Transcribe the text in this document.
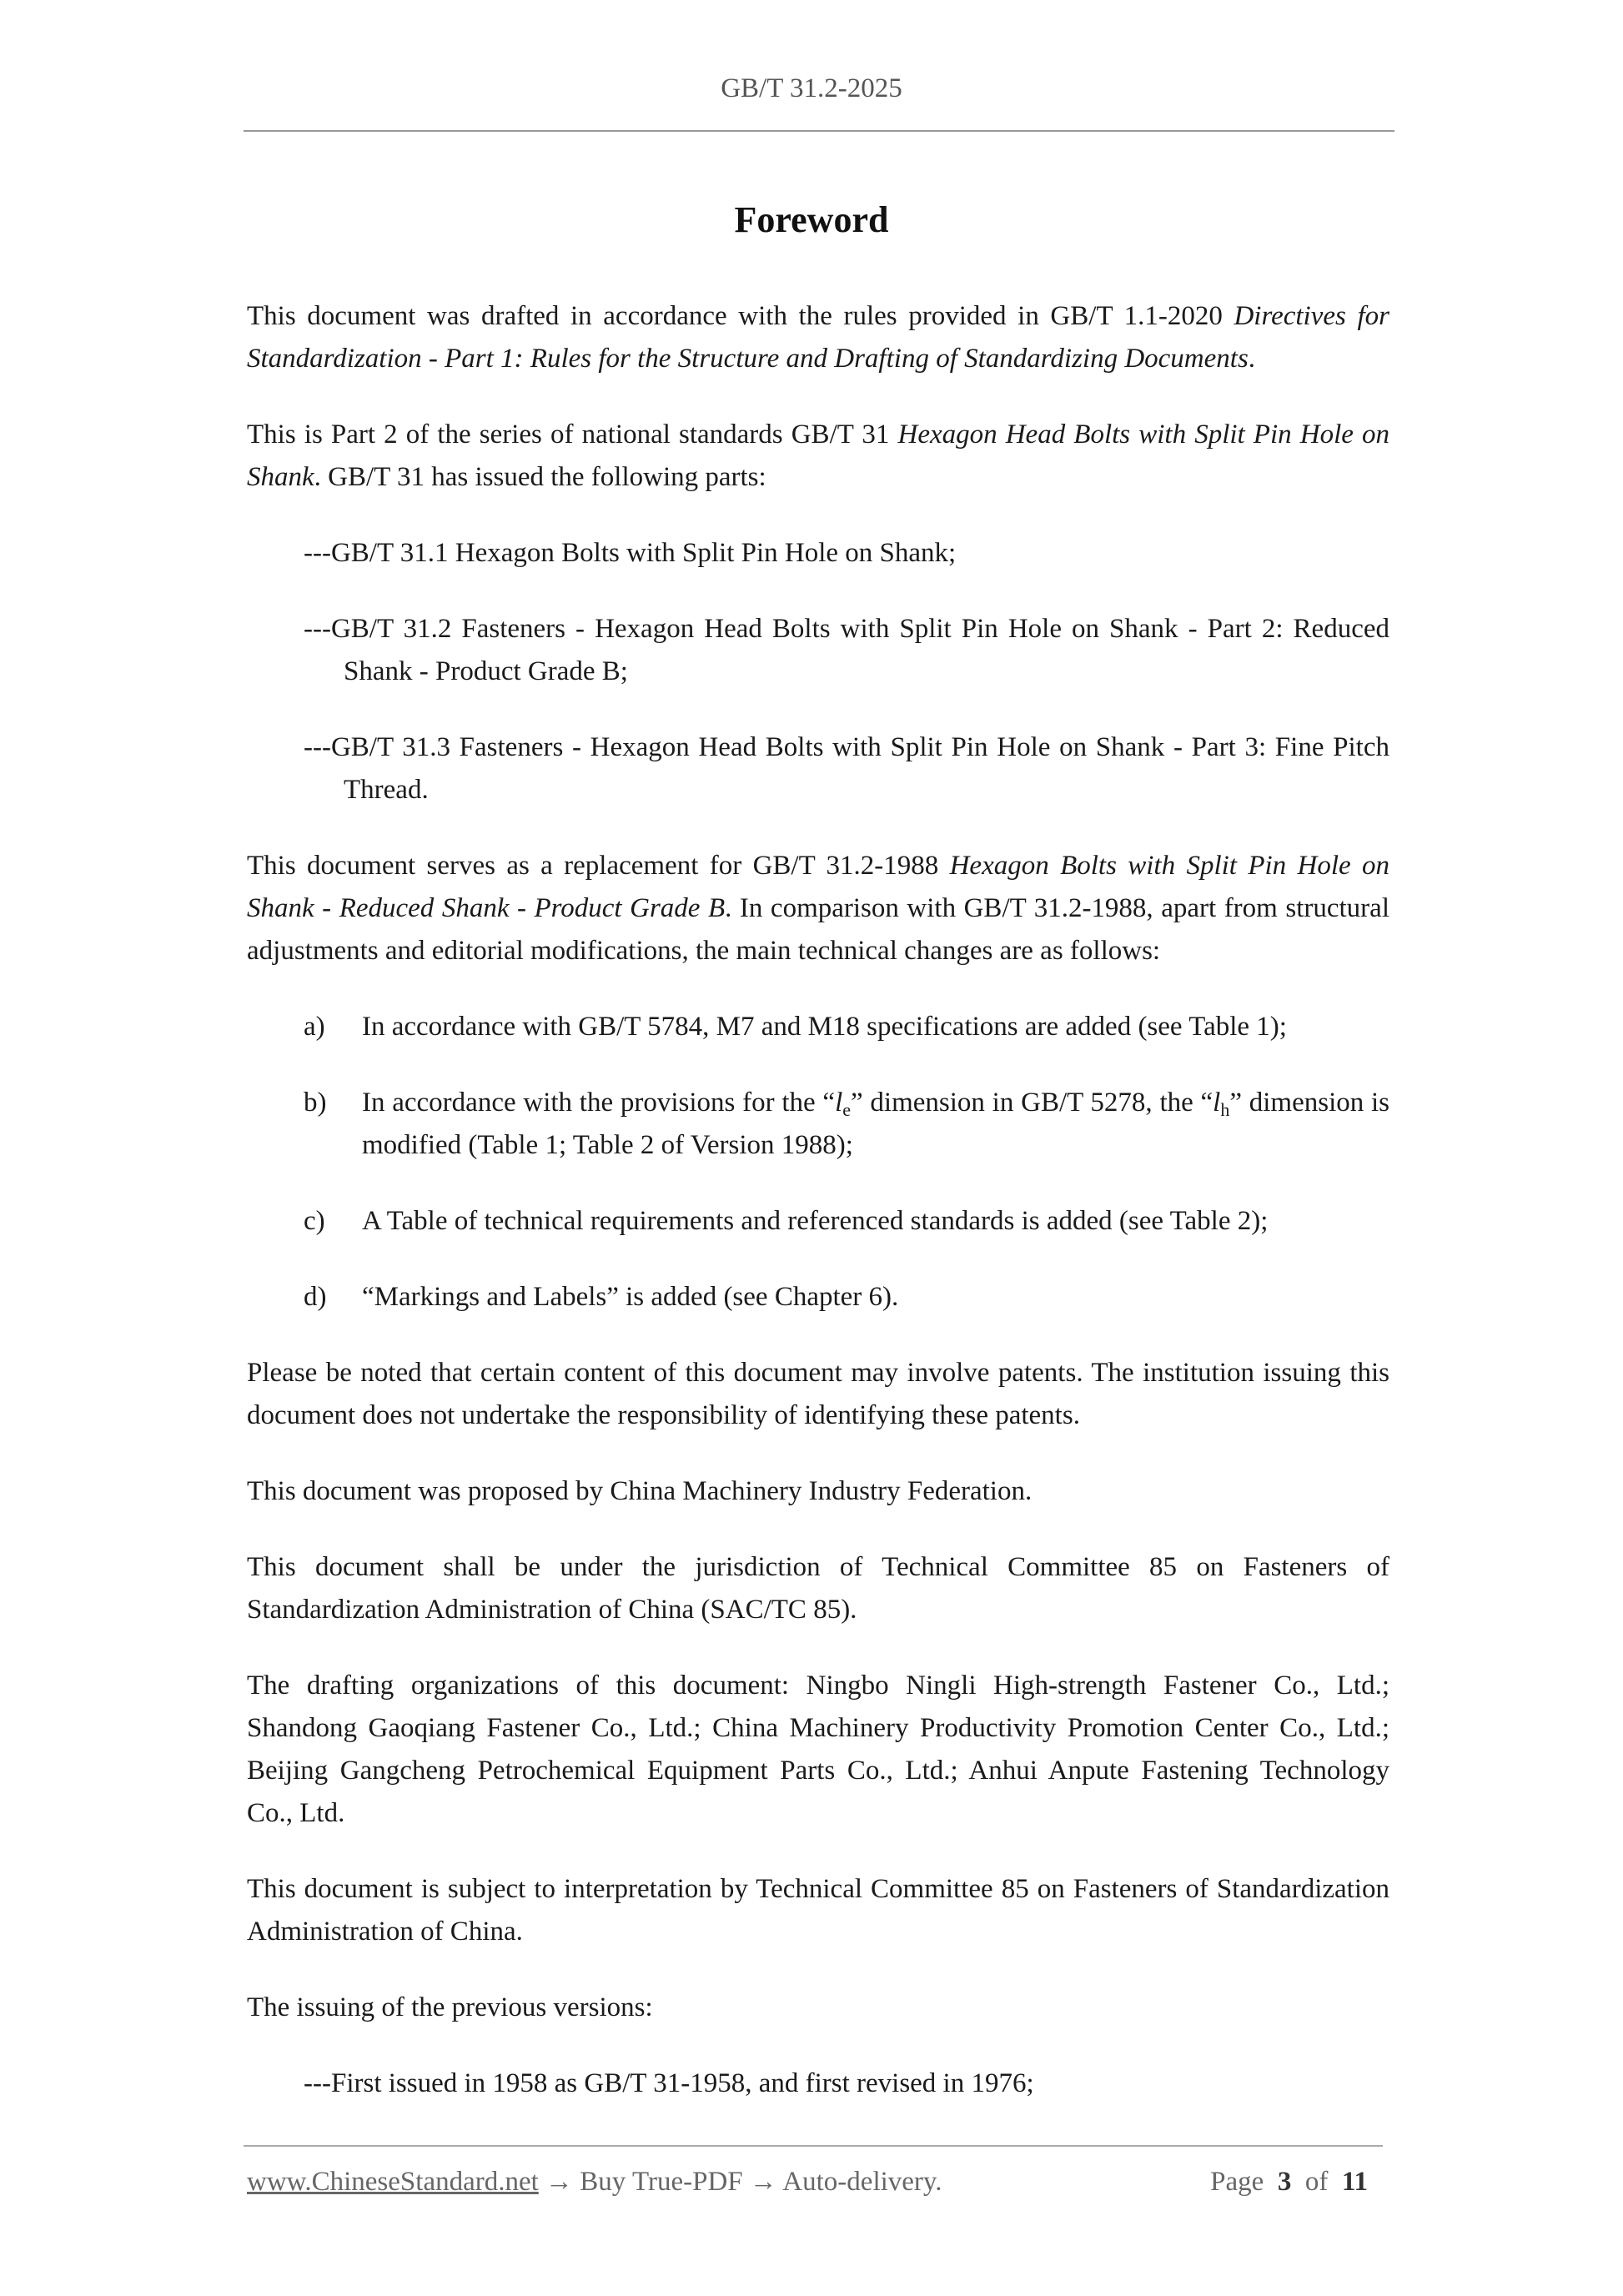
GB/T 31.2-2025
Foreword

This document was drafted in accordance with the rules provided in GB/T 1.1-2020 Directives for Standardization - Part 1: Rules for the Structure and Drafting of Standardizing Documents.

This is Part 2 of the series of national standards GB/T 31 Hexagon Head Bolts with Split Pin Hole on Shank. GB/T 31 has issued the following parts:

---GB/T 31.1 Hexagon Bolts with Split Pin Hole on Shank;

---GB/T 31.2 Fasteners - Hexagon Head Bolts with Split Pin Hole on Shank - Part 2: Reduced Shank - Product Grade B;

---GB/T 31.3 Fasteners - Hexagon Head Bolts with Split Pin Hole on Shank - Part 3: Fine Pitch Thread.

This document serves as a replacement for GB/T 31.2-1988 Hexagon Bolts with Split Pin Hole on Shank - Reduced Shank - Product Grade B. In comparison with GB/T 31.2-1988, apart from structural adjustments and editorial modifications, the main technical changes are as follows:

a)	In accordance with GB/T 5784, M7 and M18 specifications are added (see Table 1);
b)	In accordance with the provisions for the “$l_e$” dimension in GB/T 5278, the “$l_h$” dimension is modified (Table 1; Table 2 of Version 1988);
c)	A Table of technical requirements and referenced standards is added (see Table 2);
d)	“Markings and Labels” is added (see Chapter 6).

Please be noted that certain content of this document may involve patents. The institution issuing this document does not undertake the responsibility of identifying these patents.

This document was proposed by China Machinery Industry Federation.

This document shall be under the jurisdiction of Technical Committee 85 on Fasteners of Standardization Administration of China (SAC/TC 85).

The drafting organizations of this document: Ningbo Ningli High-strength Fastener Co., Ltd.; Shandong Gaoqiang Fastener Co., Ltd.; China Machinery Productivity Promotion Center Co., Ltd.; Beijing Gangcheng Petrochemical Equipment Parts Co., Ltd.; Anhui Anpute Fastening Technology Co., Ltd.

This document is subject to interpretation by Technical Committee 85 on Fasteners of Standardization Administration of China.

The issuing of the previous versions:

---First issued in 1958 as GB/T 31-1958, and first revised in 1976;

www.ChineseStandard.net → Buy True-PDF → Auto-delivery.	Page 3 of 11
